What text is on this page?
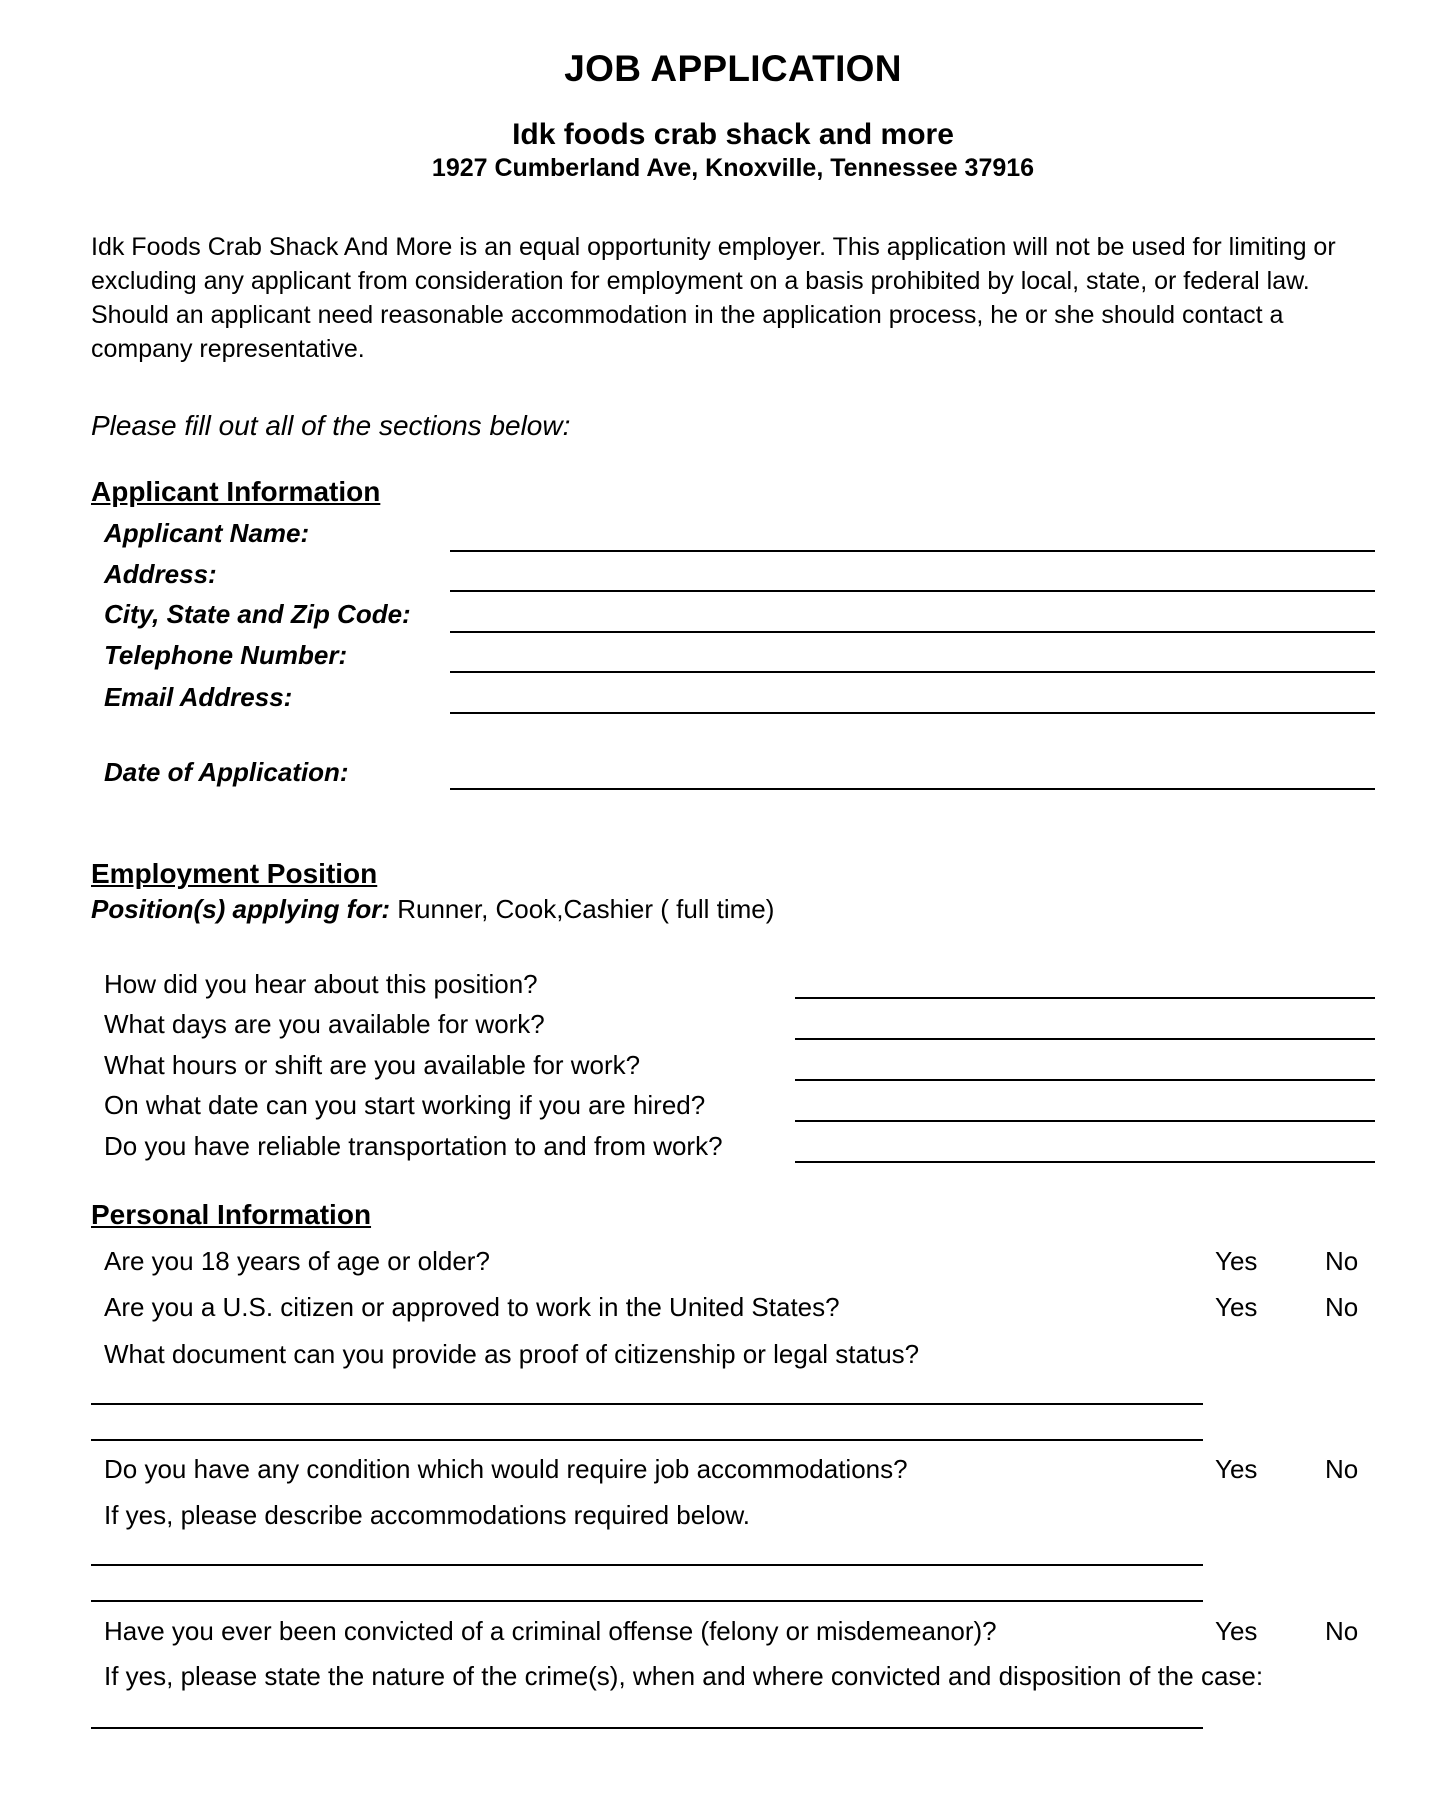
JOB APPLICATION
Idk foods crab shack and more
1927 Cumberland Ave, Knoxville, Tennessee 37916
Idk Foods Crab Shack And More is an equal opportunity employer. This application will not be used for limiting or excluding any applicant from consideration for employment on a basis prohibited by local, state, or federal law. Should an applicant need reasonable accommodation in the application process, he or she should contact a company representative.
Please fill out all of the sections below:
Applicant Information
Applicant Name:
Address:
City, State and Zip Code:
Telephone Number:
Email Address:
Date of Application:
Employment Position
Position(s) applying for: Runner, Cook,Cashier ( full time)
How did you hear about this position?
What days are you available for work?
What hours or shift are you available for work?
On what date can you start working if you are hired?
Do you have reliable transportation to and from work?
Personal Information
Are you 18 years of age or older?	Yes	No
Are you a U.S. citizen or approved to work in the United States?	Yes	No
What document can you provide as proof of citizenship or legal status?
Do you have any condition which would require job accommodations?	Yes	No
If yes, please describe accommodations required below.
Have you ever been convicted of a criminal offense (felony or misdemeanor)?	Yes	No
If yes, please state the nature of the crime(s), when and where convicted and disposition of the case:
